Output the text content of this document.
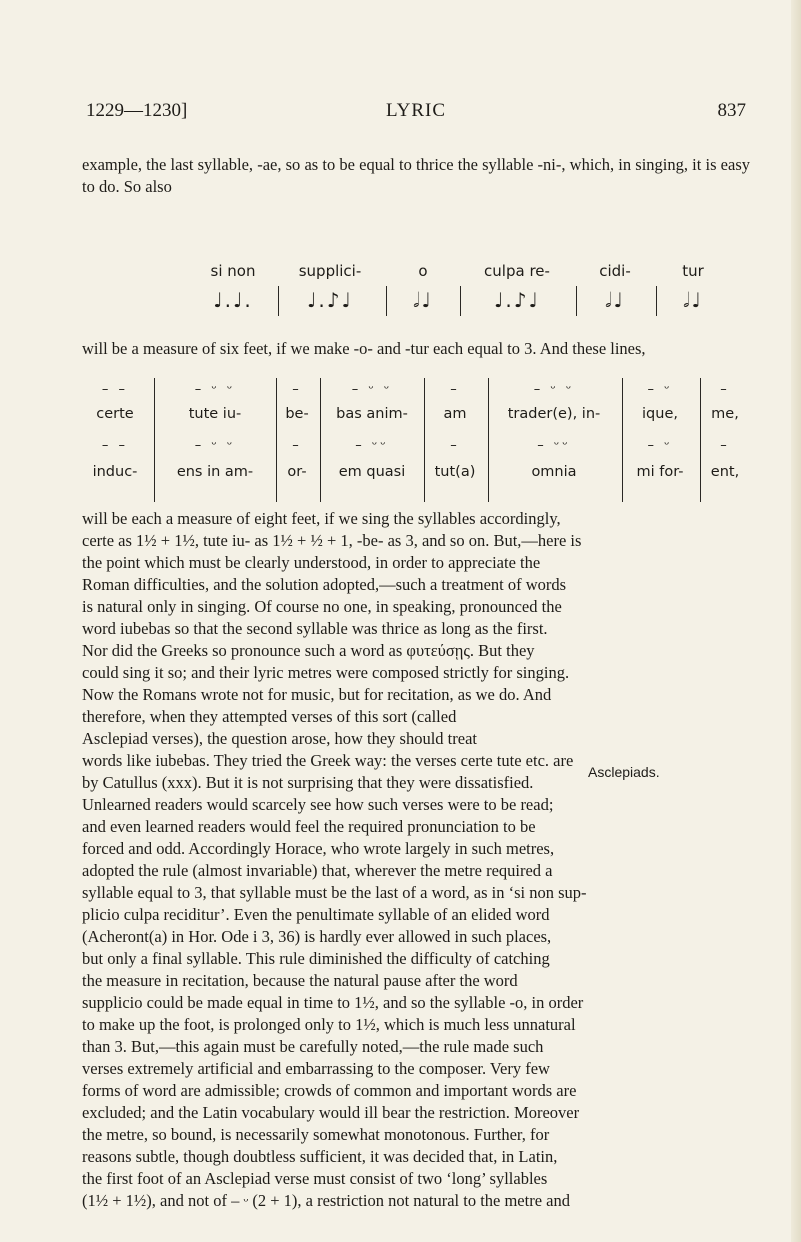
1229—1230]	LYRIC	837

example, the last syllable, -ae, so as to be equal to thrice the syllable -ni-, which, in singing, it is easy to do. So also

si non
♩.♩.
supplici-
♩.♪♩
o
𝅗𝅥♩
culpa re-
♩.♪♩
cidi-
𝅗𝅥♩
tur
𝅗𝅥♩

will be a measure of six feet, if we make -o- and -tur each equal to 3. And these lines,

– –
certe
– –
induc-
– ᵕ ᵕ
tute iu-
– ᵕ ᵕ
ens in am-
–
be-
–
or-
– ᵕ ᵕ
bas anim-
– ᵕᵕ
em quasi
–
am
–
tut(a)
– ᵕ ᵕ
trader(e), in-
– ᵕᵕ
omnia
– ᵕ
ique,
– ᵕ
mi for-
–
me,
–
ent,

will be each a measure of eight feet, if we sing the syllables accordingly,

certe as 1½ + 1½, tute iu- as 1½ + ½ + 1, -be- as 3, and so on. But,—here is

the point which must be clearly understood, in order to appreciate the

Roman difficulties, and the solution adopted,—such a treatment of words

is natural only in singing. Of course no one, in speaking, pronounced the

word iubebas so that the second syllable was thrice as long as the first.

Nor did the Greeks so pronounce such a word as φυτεύσῃς. But they

could sing it so; and their lyric metres were composed strictly for singing.

Now the Romans wrote not for music, but for recitation, as we do. And

therefore, when they attempted verses of this sort (called

Asclepiad verses), the question arose, how they should treat

words like iubebas. They tried the Greek way: the verses certe tute etc. are

by Catullus (xxx). But it is not surprising that they were dissatisfied.

Unlearned readers would scarcely see how such verses were to be read;

and even learned readers would feel the required pronunciation to be

forced and odd. Accordingly Horace, who wrote largely in such metres,

adopted the rule (almost invariable) that, wherever the metre required a

syllable equal to 3, that syllable must be the last of a word, as in ‘si non sup-

plicio culpa reciditur’. Even the penultimate syllable of an elided word

(Acheront(a) in Hor. Ode i 3, 36) is hardly ever allowed in such places,

but only a final syllable. This rule diminished the difficulty of catching

the measure in recitation, because the natural pause after the word

supplicio could be made equal in time to 1½, and so the syllable -o, in order

to make up the foot, is prolonged only to 1½, which is much less unnatural

than 3. But,—this again must be carefully noted,—the rule made such

verses extremely artificial and embarrassing to the composer. Very few

forms of word are admissible; crowds of common and important words are

excluded; and the Latin vocabulary would ill bear the restriction. Moreover

the metre, so bound, is necessarily somewhat monotonous. Further, for

reasons subtle, though doubtless sufficient, it was decided that, in Latin,

the first foot of an Asclepiad verse must consist of two ‘long’ syllables

(1½ + 1½), and not of – ᵕ (2 + 1), a restriction not natural to the metre and

Asclepiads.
